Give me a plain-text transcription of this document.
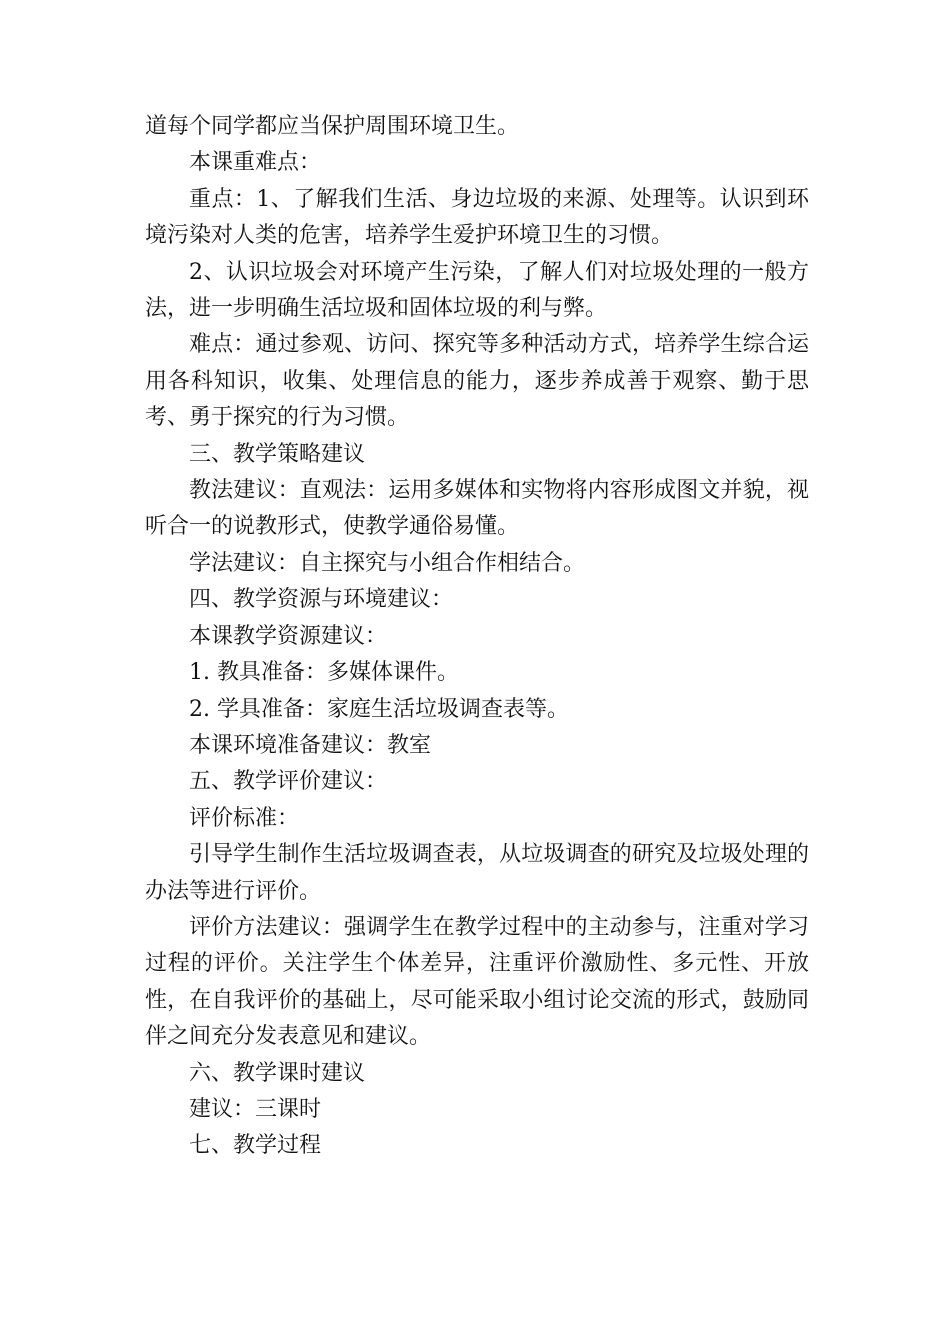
道每个同学都应当保护周围环境卫生。

本课重难点：

重点：1、了解我们生活、身边垃圾的来源、处理等。认识到环境污染对人类的危害，培养学生爱护环境卫生的习惯。

2、认识垃圾会对环境产生污染，了解人们对垃圾处理的一般方法，进一步明确生活垃圾和固体垃圾的利与弊。

难点：通过参观、访问、探究等多种活动方式，培养学生综合运用各科知识，收集、处理信息的能力，逐步养成善于观察、勤于思考、勇于探究的行为习惯。

三、教学策略建议

教法建议：直观法：运用多媒体和实物将内容形成图文并貌，视听合一的说教形式，使教学通俗易懂。

学法建议：自主探究与小组合作相结合。

四、教学资源与环境建议：

本课教学资源建议：

1. 教具准备：多媒体课件。

2. 学具准备：家庭生活垃圾调查表等。

本课环境准备建议：教室

五、教学评价建议：

评价标准：

引导学生制作生活垃圾调查表，从垃圾调查的研究及垃圾处理的办法等进行评价。

评价方法建议：强调学生在教学过程中的主动参与，注重对学习过程的评价。关注学生个体差异，注重评价激励性、多元性、开放性，在自我评价的基础上，尽可能采取小组讨论交流的形式，鼓励同伴之间充分发表意见和建议。

六、教学课时建议

建议：三课时

七、教学过程
